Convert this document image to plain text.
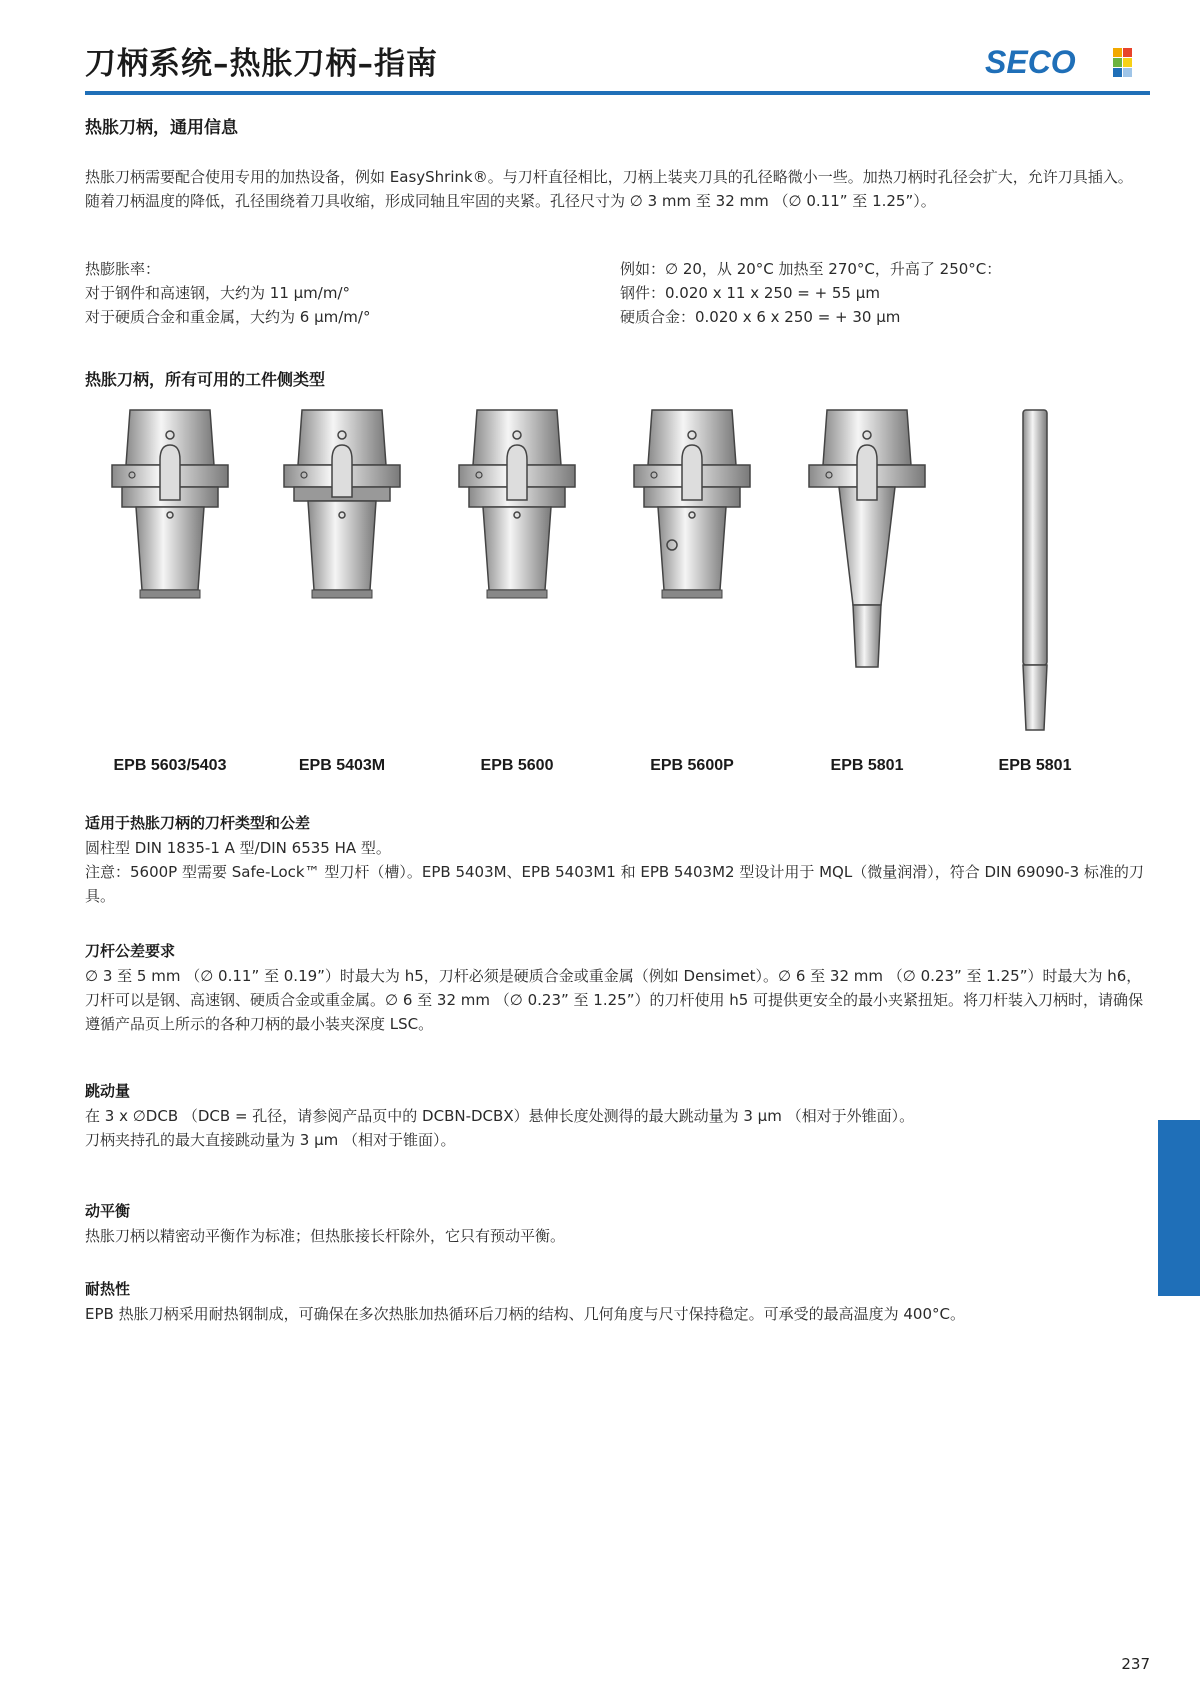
刀柄系统–热胀刀柄–指南	SECO
热胀刀柄，通用信息
热胀刀柄需要配合使用专用的加热设备，例如 EasyShrink®。与刀杆直径相比，刀柄上装夹刀具的孔径略微小一些。加热刀柄时孔径会扩大，允许刀具插入。随着刀柄温度的降低，孔径围绕着刀具收缩，形成同轴且牢固的夹紧。孔径尺寸为 ∅ 3 mm 至 32 mm （∅ 0.11” 至 1.25”）。
热膨胀率：
对于钢件和高速钢，大约为 11 µm/m/°
对于硬质合金和重金属，大约为 6 µm/m/°
例如：∅ 20，从 20°C 加热至 270°C，升高了 250°C：
钢件：0.020 x 11 x 250 = + 55 µm
硬质合金：0.020 x 6 x 250 = + 30 µm
热胀刀柄，所有可用的工件侧类型
EPB 5603/5403	EPB 5403M	EPB 5600	EPB 5600P	EPB 5801	EPB 5801
适用于热胀刀柄的刀杆类型和公差
圆柱型 DIN 1835-1 A 型/DIN 6535 HA 型。
注意：5600P 型需要 Safe-Lock™ 型刀杆（槽）。EPB 5403M、EPB 5403M1 和 EPB 5403M2 型设计用于 MQL（微量润滑），符合 DIN 69090-3 标准的刀具。
刀杆公差要求
∅ 3 至 5 mm （∅ 0.11” 至 0.19”）时最大为 h5，刀杆必须是硬质合金或重金属（例如 Densimet）。∅ 6 至 32 mm （∅ 0.23” 至 1.25”）时最大为 h6，刀杆可以是钢、高速钢、硬质合金或重金属。∅ 6 至 32 mm （∅ 0.23” 至 1.25”）的刀杆使用 h5 可提供更安全的最小夹紧扭矩。将刀杆装入刀柄时，请确保遵循产品页上所示的各种刀柄的最小装夹深度 LSC。
跳动量
在 3 x ∅DCB （DCB = 孔径，请参阅产品页中的 DCBN-DCBX）悬伸长度处测得的最大跳动量为 3 µm （相对于外锥面）。
刀柄夹持孔的最大直接跳动量为 3 µm （相对于锥面）。
动平衡
热胀刀柄以精密动平衡作为标准；但热胀接长杆除外，它只有预动平衡。
耐热性
EPB 热胀刀柄采用耐热钢制成，可确保在多次热胀加热循环后刀柄的结构、几何角度与尺寸保持稳定。可承受的最高温度为 400°C。
237
